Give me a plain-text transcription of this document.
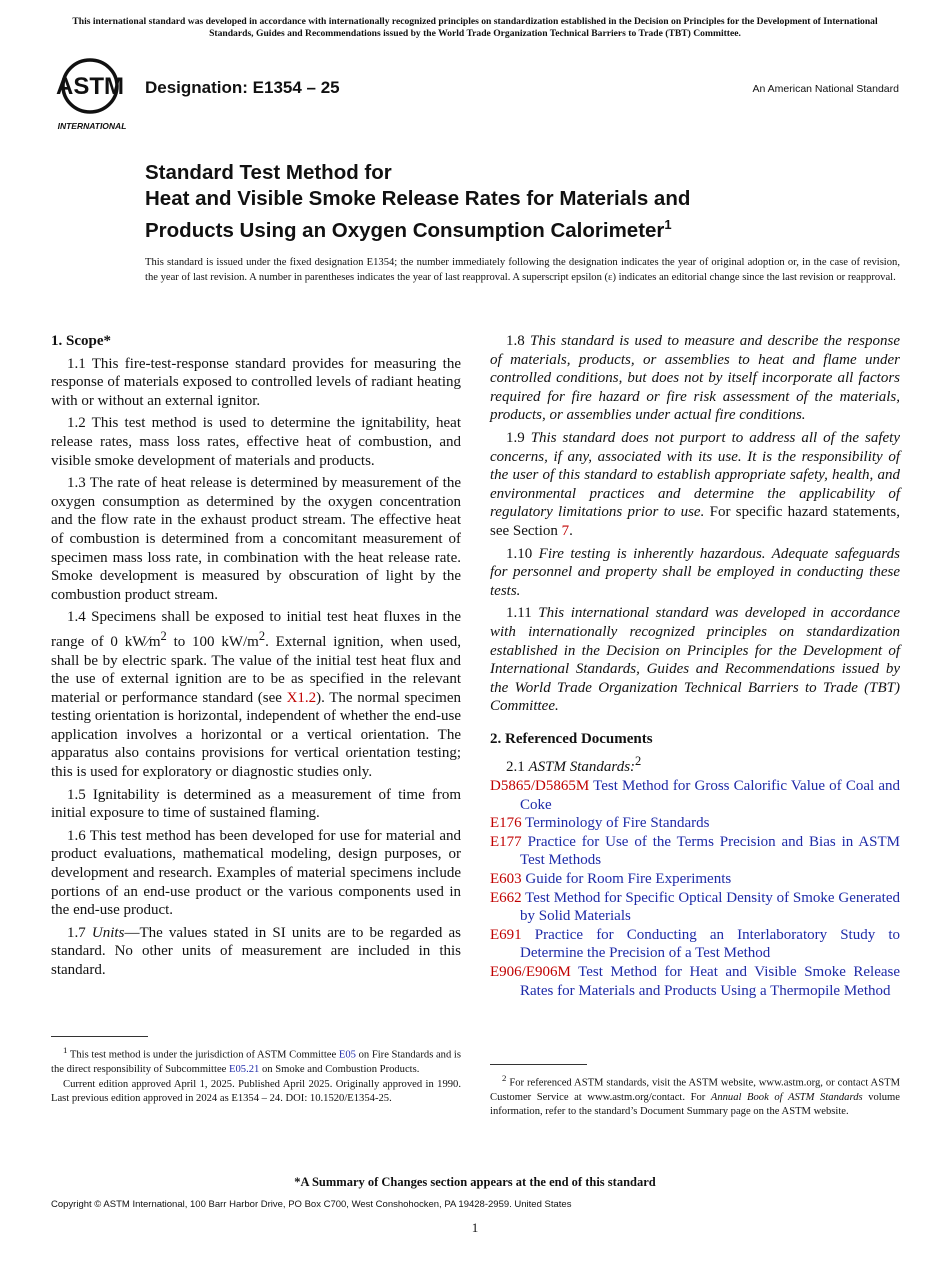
This international standard was developed in accordance with internationally recognized principles on standardization established in the Decision on Principles for the Development of International Standards, Guides and Recommendations issued by the World Trade Organization Technical Barriers to Trade (TBT) Committee.
ASTM
INTERNATIONAL
Designation: E1354 – 25	An American National Standard
Standard Test Method for
Heat and Visible Smoke Release Rates for Materials and
Products Using an Oxygen Consumption Calorimeter$^1$
This standard is issued under the fixed designation E1354; the number immediately following the designation indicates the year of original adoption or, in the case of revision, the year of last revision. A number in parentheses indicates the year of last reapproval. A superscript epsilon (ε) indicates an editorial change since the last revision or reapproval.
1. Scope*

1.1 This fire-test-response standard provides for measuring the response of materials exposed to controlled levels of radiant heating with or without an external ignitor.

1.2 This test method is used to determine the ignitability, heat release rates, mass loss rates, effective heat of combustion, and visible smoke development of materials and products.

1.3 The rate of heat release is determined by measurement of the oxygen consumption as determined by the oxygen concentration and the flow rate in the exhaust product stream. The effective heat of combustion is determined from a concomitant measurement of specimen mass loss rate, in combination with the heat release rate. Smoke development is measured by obscuration of light by the combustion product stream.

1.4 Specimens shall be exposed to initial test heat fluxes in the range of 0 $kW⁄m^2$ to 100 $kW/m^2$. External ignition, when used, shall be by electric spark. The value of the initial test heat flux and the use of external ignition are to be as specified in the relevant material or performance standard (see X1.2). The normal specimen testing orientation is horizontal, independent of whether the end-use application involves a horizontal or a vertical orientation. The apparatus also contains provisions for vertical orientation testing; this is used for exploratory or diagnostic studies only.

1.5 Ignitability is determined as a measurement of time from initial exposure to time of sustained flaming.

1.6 This test method has been developed for use for material and product evaluations, mathematical modeling, design purposes, or development and research. Examples of material specimens include portions of an end-use product or the various components used in the end-use product.

1.7 Units—The values stated in SI units are to be regarded as standard. No other units of measurement are included in this standard.

1.8 This standard is used to measure and describe the response of materials, products, or assemblies to heat and flame under controlled conditions, but does not by itself incorporate all factors required for fire hazard or fire risk assessment of the materials, products, or assemblies under actual fire conditions.

1.9 This standard does not purport to address all of the safety concerns, if any, associated with its use. It is the responsibility of the user of this standard to establish appropriate safety, health, and environmental practices and determine the applicability of regulatory limitations prior to use. For specific hazard statements, see Section 7.

1.10 Fire testing is inherently hazardous. Adequate safeguards for personnel and property shall be employed in conducting these tests.

1.11 This international standard was developed in accordance with internationally recognized principles on standardization established in the Decision on Principles for the Development of International Standards, Guides and Recommendations issued by the World Trade Organization Technical Barriers to Trade (TBT) Committee.

2. Referenced Documents

2.1 ASTM Standards:$^2$

D5865/D5865M Test Method for Gross Calorific Value of Coal and Coke
E176 Terminology of Fire Standards
E177 Practice for Use of the Terms Precision and Bias in ASTM Test Methods
E603 Guide for Room Fire Experiments
E662 Test Method for Specific Optical Density of Smoke Generated by Solid Materials
E691 Practice for Conducting an Interlaboratory Study to Determine the Precision of a Test Method
E906/E906M Test Method for Heat and Visible Smoke Release Rates for Materials and Products Using a Thermopile Method

$^1$ This test method is under the jurisdiction of ASTM Committee E05 on Fire Standards and is the direct responsibility of Subcommittee E05.21 on Smoke and Combustion Products.

Current edition approved April 1, 2025. Published April 2025. Originally approved in 1990. Last previous edition approved in 2024 as E1354 – 24. DOI: 10.1520/E1354-25.

$^2$ For referenced ASTM standards, visit the ASTM website, www.astm.org, or contact ASTM Customer Service at www.astm.org/contact. For Annual Book of ASTM Standards volume information, refer to the standard’s Document Summary page on the ASTM website.

*A Summary of Changes section appears at the end of this standard
Copyright © ASTM International, 100 Barr Harbor Drive, PO Box C700, West Conshohocken, PA 19428-2959. United States
1
